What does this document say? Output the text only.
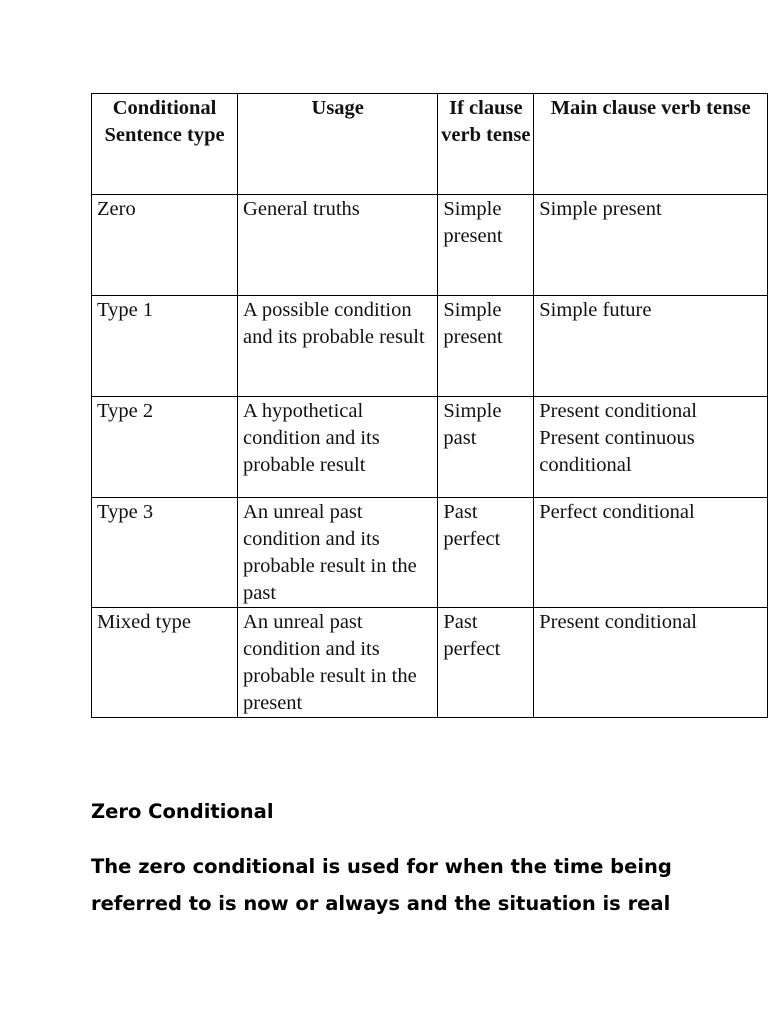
Conditional Sentence type	Usage	If clause verb tense	Main clause verb tense

Zero	General truths	Simple present	Simple present

Type 1	A possible condition and its probable result	Simple present	Simple future

Type 2	A hypothetical condition and its probable result	Simple past	Present conditional
Present continuous
conditional

Type 3	An unreal past condition and its probable result in the past	Past perfect	Perfect conditional

Mixed type	An unreal past condition and its probable result in the present	Past perfect	Present conditional
Zero Conditional

The zero conditional is used for when the time being
referred to is now or always and the situation is real
